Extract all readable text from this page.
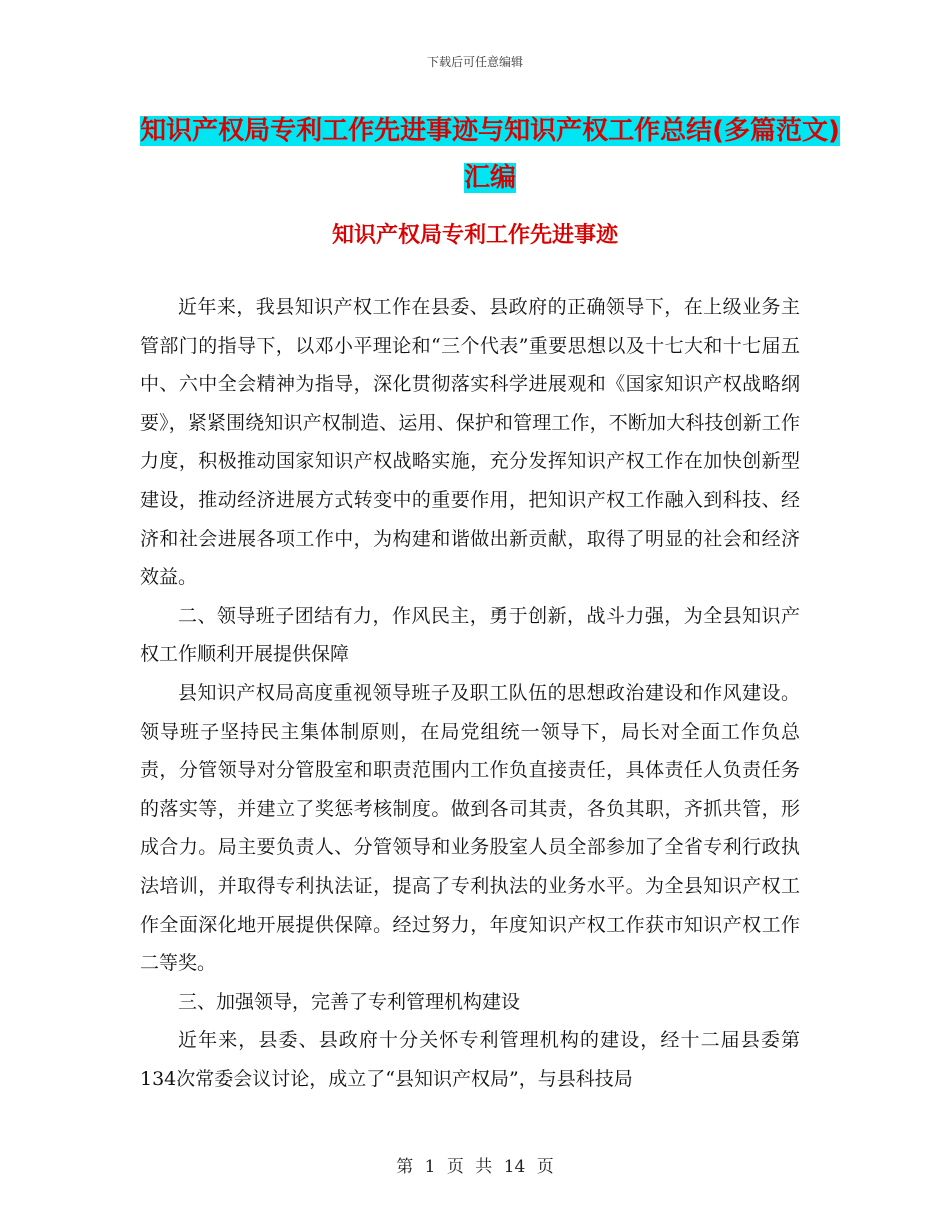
下载后可任意编辑
知识产权局专利工作先进事迹与知识产权工作总结(多篇范文)汇编
知识产权局专利工作先进事迹

近年来，我县知识产权工作在县委、县政府的正确领导下，在上级业务主管部门的指导下，以邓小平理论和“三个代表”重要思想以及十七大和十七届五中、六中全会精神为指导，深化贯彻落实科学进展观和《国家知识产权战略纲要》，紧紧围绕知识产权制造、运用、保护和管理工作，不断加大科技创新工作力度，积极推动国家知识产权战略实施，充分发挥知识产权工作在加快创新型建设，推动经济进展方式转变中的重要作用，把知识产权工作融入到科技、经济和社会进展各项工作中，为构建和谐做出新贡献，取得了明显的社会和经济效益。

二、领导班子团结有力，作风民主，勇于创新，战斗力强，为全县知识产权工作顺利开展提供保障

县知识产权局高度重视领导班子及职工队伍的思想政治建设和作风建设。领导班子坚持民主集体制原则，在局党组统一领导下，局长对全面工作负总责，分管领导对分管股室和职责范围内工作负直接责任，具体责任人负责任务的落实等，并建立了奖惩考核制度。做到各司其责，各负其职，齐抓共管，形成合力。局主要负责人、分管领导和业务股室人员全部参加了全省专利行政执法培训，并取得专利执法证，提高了专利执法的业务水平。为全县知识产权工作全面深化地开展提供保障。经过努力，年度知识产权工作获市知识产权工作二等奖。

三、加强领导，完善了专利管理机构建设

近年来，县委、县政府十分关怀专利管理机构的建设，经十二届县委第134次常委会议讨论，成立了“县知识产权局”，与县科技局

第 1 页 共 14 页
